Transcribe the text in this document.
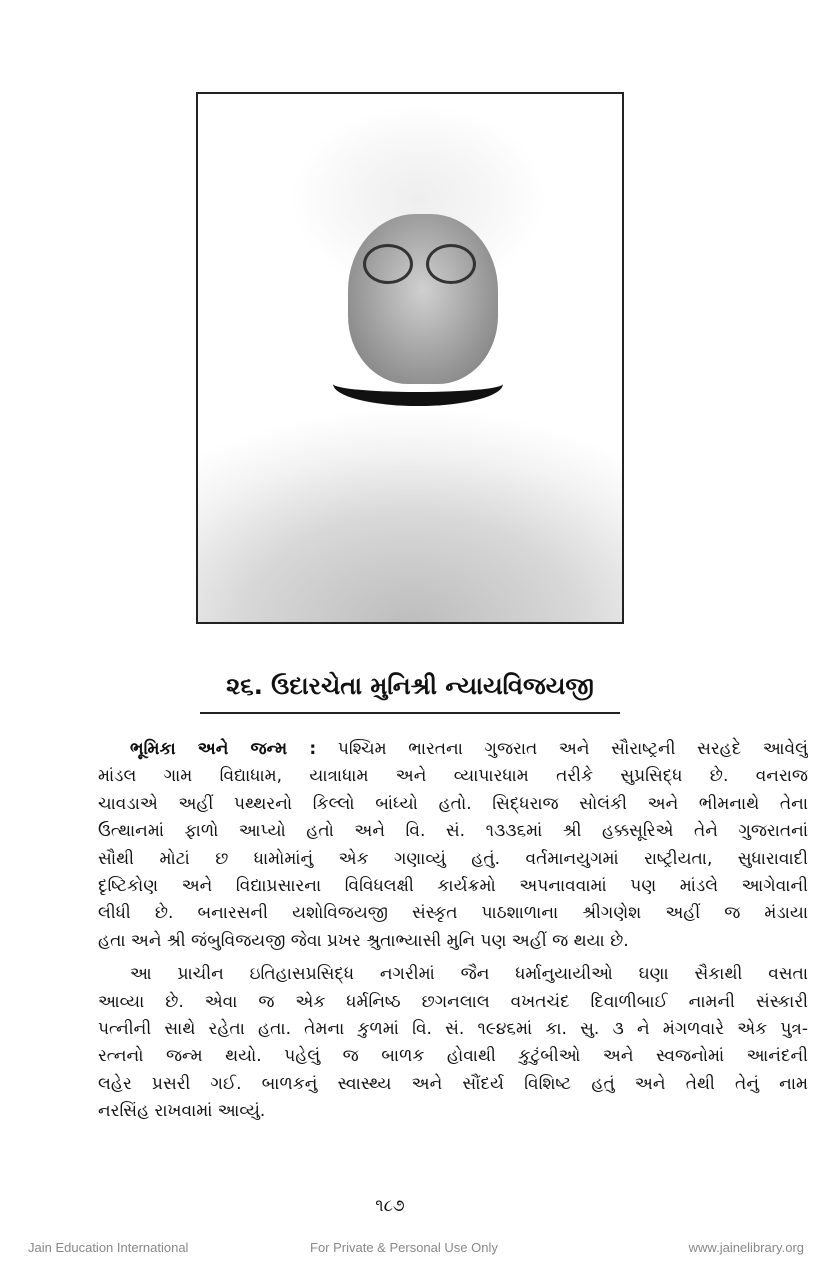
૨૬. ઉદારચેતા મુનિશ્રી ન્યાયવિજયજી
ભૂમિકા અને જન્મ : પશ્ચિમ ભારતના ગુજરાત અને સૌરાષ્ટ્રની સરહદે આવેલું
માંડલ ગામ વિદ્યાધામ, યાત્રાધામ અને વ્યાપારધામ તરીકે સુપ્રસિદ્ધ છે. વનરાજ
ચાવડાએ અહીં પથ્થરનો કિલ્લો બાંધ્યો હતો. સિદ્ધરાજ સોલંકી અને ભીમનાથે તેના
ઉત્થાનમાં ફાળો આપ્યો હતો અને વિ. સં. ૧૩૩૬માં શ્રી હક્કસૂરિએ તેને ગુજરાતનાં
સૌથી મોટાં છ ધામોમાંનું એક ગણાવ્યું હતું. વર્તમાનયુગમાં રાષ્ટ્રીયતા, સુધારાવાદી
દૃષ્ટિકોણ અને વિદ્યાપ્રસારના વિવિધલક્ષી કાર્યક્રમો અપનાવવામાં પણ માંડલે આગેવાની
લીધી છે. બનારસની યશોવિજયજી સંસ્કૃત પાઠશાળાના શ્રીગણેશ અહીં જ મંડાયા
હતા અને શ્રી જંબુવિજયજી જેવા પ્રખર શ્રુતાભ્યાસી મુનિ પણ અહીં જ થયા છે.
આ પ્રાચીન ઇતિહાસપ્રસિદ્ધ નગરીમાં જૈન ધર્માનુયાયીઓ ઘણા સૈકાથી વસતા
આવ્યા છે. એવા જ એક ધર્મનિષ્ઠ છગનલાલ વખતચંદ દિવાળીબાઈ નામની સંસ્કારી
પત્નીની સાથે રહેતા હતા. તેમના કુળમાં વિ. સં. ૧૯૪૬માં કા. સુ. ૩ ને મંગળવારે એક પુત્ર-
રત્નનો જન્મ થયો. પહેલું જ બાળક હોવાથી કુટુંબીઓ અને સ્વજનોમાં આનંદની
લહેર પ્રસરી ગઈ. બાળકનું સ્વાસ્થ્ય અને સૌંદર્ય વિશિષ્ટ હતું અને તેથી તેનું નામ
નરસિંહ રાખવામાં આવ્યું.
૧૮૭
Jain Education International	For Private & Personal Use Only	www.jainelibrary.org
